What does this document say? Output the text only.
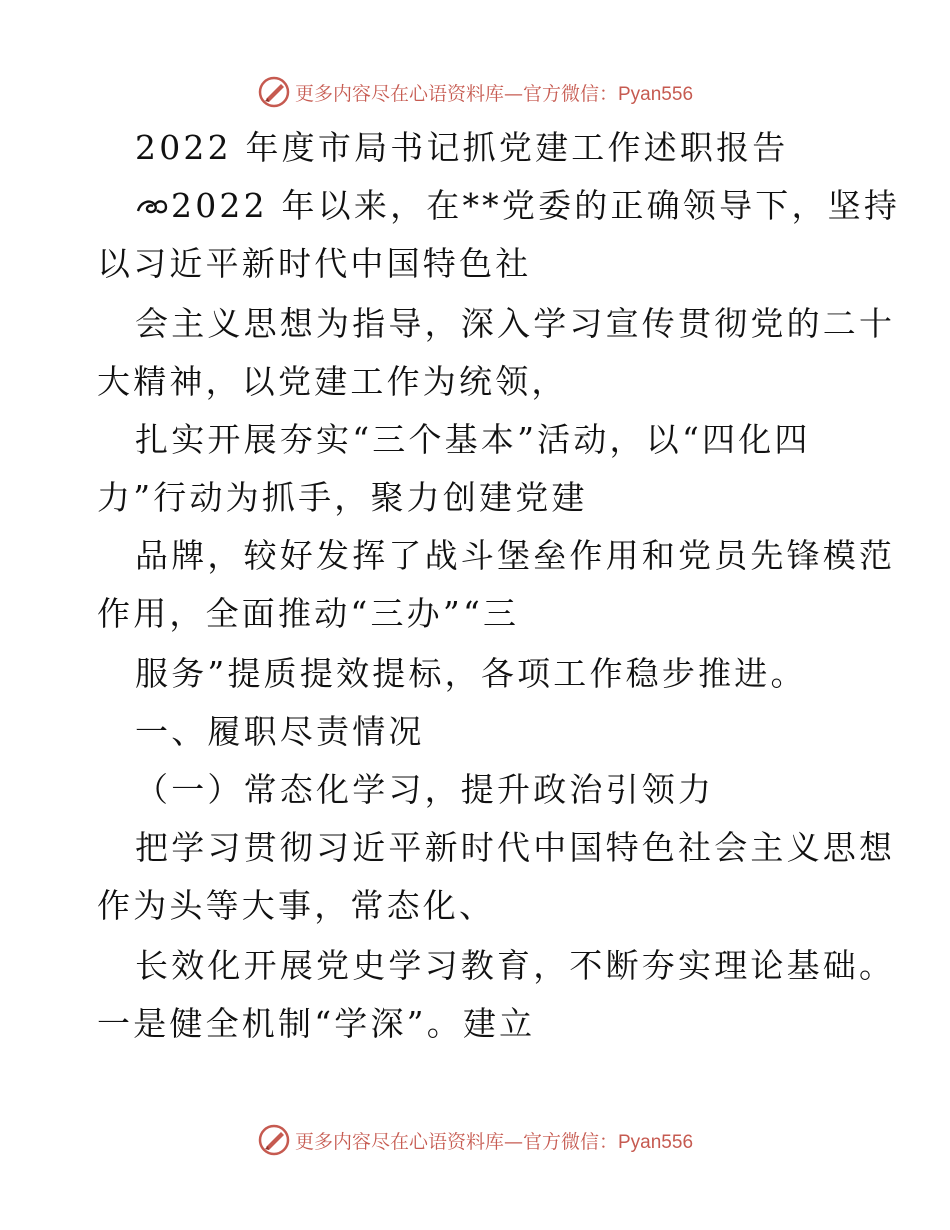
更多内容尽在心语资料库—官方微信：Pyan556
2022 年度市局书记抓党建工作述职报告
2022 年以来，在**党委的正确领导下，坚持
以习近平新时代中国特色社
会主义思想为指导，深入学习宣传贯彻党的二十
大精神，以党建工作为统领，
扎实开展夯实“三个基本”活动，以“四化四
力”行动为抓手，聚力创建党建
品牌，较好发挥了战斗堡垒作用和党员先锋模范
作用，全面推动“三办”“三
服务”提质提效提标，各项工作稳步推进。
一、履职尽责情况
（一）常态化学习，提升政治引领力
把学习贯彻习近平新时代中国特色社会主义思想
作为头等大事，常态化、
长效化开展党史学习教育，不断夯实理论基础。
一是健全机制“学深”。建立
更多内容尽在心语资料库—官方微信：Pyan556
